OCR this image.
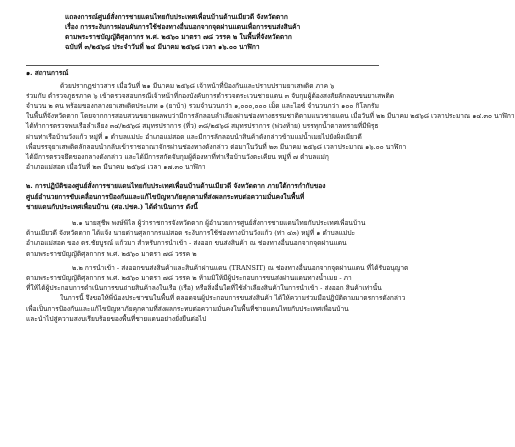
แถลงการณ์ศูนย์สั่งการชายแดนไทยกับประเทศเพื่อนบ้านด้านเมียวดี จังหวัดตาก
เรื่อง การระงับการผ่อนผันการใช้ช่องทางอื่นนอกจากจุดผ่านแดนเพื่อการขนส่งสินค้า
ตามพระราชบัญญัติศุลกากร พ.ศ. ๒๕๖๐ มาตรา ๗๘ วรรค ๒ ในพื้นที่จังหวัดตาก
ฉบับที่ ๓/๒๕๖๘ ประจำวันที่ ๒๔ มีนาคม ๒๕๖๘ เวลา ๑๖.๐๐ นาฬิกา
๑. สถานการณ์
ด้วยปรากฏข่าวสาร เมื่อวันที่ ๒๑ มีนาคม ๒๕๖๘ เจ้าหน้าที่ป้องกันและปราบปรามยาเสพติด ภาค ๖
ร่วมกับ ตำรวจภูธรภาค ๖ เข้าตรวจสอบกรณีเจ้าหน้าที่กองบังคับการตำรวจตระเวนชายแดน ๓ จับกุมผู้ต้องสงสัยลักลอบขนยาเสพติด
จำนวน ๒ คน พร้อมของกลางยาเสพติดประเภท ๑ (ยาบ้า) รวมจำนวนกว่า ๑,๐๐๐,๐๐๐ เม็ด และไอซ์ จำนวนกว่า ๑๐๐ กิโลกรัม
ในพื้นที่จังหวัดตาก โดยจากการสอบสวนขยายผลพบว่ามีการลักลอบลำเลียงผ่านช่องทางธรรมชาติตามแนวชายแดน เมื่อวันที่ ๒๒ มีนาคม ๒๕๖๘ เวลาประมาณ ๑๔.๓๐ นาฬิกา
ได้ทำการตรวจพบเรือลำเลียง ๓๔/๒๕๖๘ สมุทรปราการ (ที่ว) ๓๘/๒๕๖๘ สมุทรปราการ (พ่วงท้าย) บรรทุกน้ำตาลทรายที่มีพิรุธ
ผ่านท่าเรือบ้านวังแก้ว หมู่ที่ ๑ ตำบลแม่ปะ อำเภอแม่สอด และมีการลักลอบนำสินค้าดังกล่าวข้ามแม่น้ำเมยไปยังฝั่งเมียวดี
เพื่อบรรจุยาเสพติดลักลอบนำกลับเข้าราชอาณาจักรผ่านช่องทางดังกล่าว ต่อมาในวันที่ ๒๓ มีนาคม ๒๕๖๘ เวลาประมาณ ๑๖.๐๐ นาฬิกา
ได้มีการตรวจยึดของกลางดังกล่าว และได้มีการสกัดจับกุมผู้ต้องหาที่ท่าเรือบ้านวังตะเคียน หมู่ที่ ๗ ตำบลแม่กุ
อำเภอแม่สอด เมื่อวันที่ ๒๓ มีนาคม ๒๕๖๘ เวลา ๑๗.๓๐ นาฬิกา
๒. การปฏิบัติของศูนย์สั่งการชายแดนไทยกับประเทศเพื่อนบ้านด้านเมียวดี จังหวัดตาก ภายใต้การกำกับของ
ศูนย์อำนวยการขับเคลื่อนการป้องกันและแก้ไขปัญหาภัยคุกคามที่ส่งผลกระทบต่อความมั่นคงในพื้นที่
ชายแดนกับประเทศเพื่อนบ้าน (ศอ.ปชค.) ได้ดำเนินการ ดังนี้
๒.๑ นายสุชีพ พงษ์พิไล ผู้ว่าราชการจังหวัดตาก ผู้อำนวยการศูนย์สั่งการชายแดนไทยกับประเทศเพื่อนบ้าน
ด้านเมียวดี จังหวัดตาก ได้แจ้ง นายด่านศุลกากรแม่สอด ระงับการใช้ช่องทางบ้านวังแก้ว (ท่า ๔๓) หมู่ที่ ๑ ตำบลแม่ปะ
อำเภอแม่สอด ของ ดร.ชัยบูรณ์ แก้วมา สำหรับการนำเข้า - ส่งออก ขนส่งสินค้า ณ ช่องทางอื่นนอกจากจุดผ่านแดน
ตามพระราชบัญญัติศุลกากร พ.ศ. ๒๕๖๐ มาตรา ๗๘ วรรค ๒
๒.๒ การนำเข้า - ส่งออกขนส่งสินค้าและสินค้าผ่านแดน (TRANSIT) ณ ช่องทางอื่นนอกจากจุดผ่านแดน ที่ได้รับอนุญาต
ตามพระราชบัญญัติศุลกากร พ.ศ. ๒๕๖๐ มาตรา ๗๘ วรรค ๒ ห้ามมิให้มีผู้ประกอบการขนส่งผ่านแดนทางน้ำเมย - ภา
ที่ให้ได้ผู้ประกอบการดำเนินการขนถ่ายสินค้าลงในเรือ (เรือ) หรือสิ่งอื่นใดที่ใช้ลำเลียงสินค้าในการนำเข้า - ส่งออก สินค้าเท่านั้น
ในการนี้ จึงขอให้พี่น้องประชาชนในพื้นที่ ตลอดจนผู้ประกอบการขนส่งสินค้า ได้ให้ความร่วมมือปฏิบัติตามมาตรการดังกล่าว
เพื่อเป็นการป้องกันและแก้ไขปัญหาภัยคุกคามที่ส่งผลกระทบต่อความมั่นคงในพื้นที่ชายแดนไทยกับประเทศเพื่อนบ้าน
และนำไปสู่ความสงบเรียบร้อยของพื้นที่ชายแดนอย่างยั่งยืนต่อไป
